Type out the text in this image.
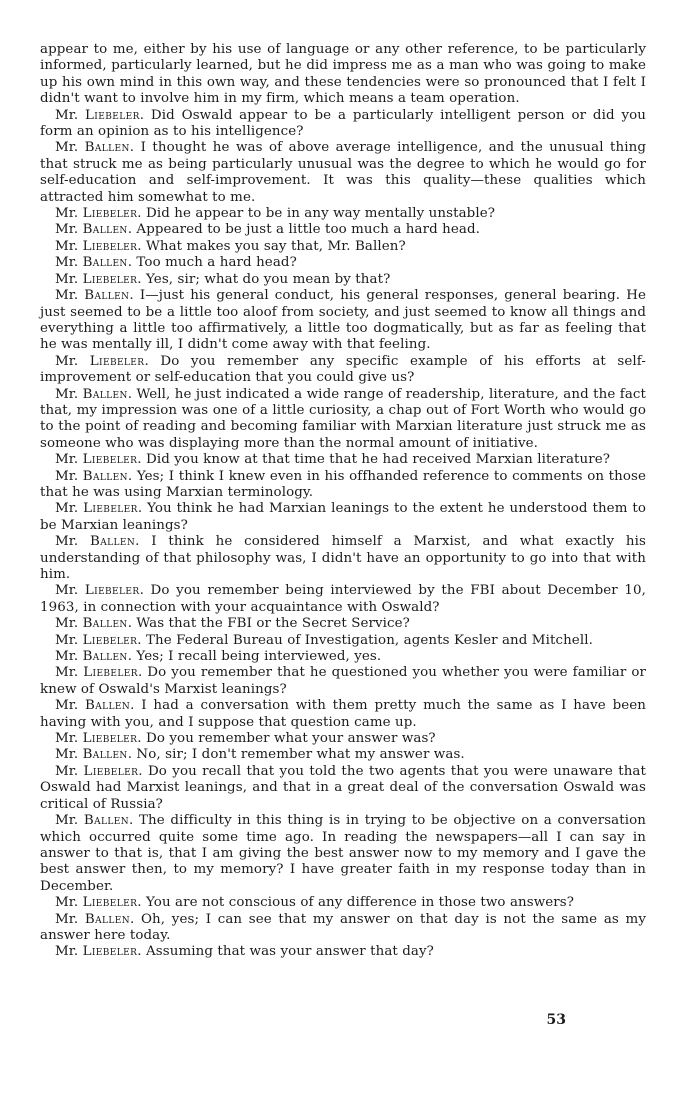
appear to me, either by his use of language or any other reference, to be particularly informed, particularly learned, but he did impress me as a man who was going to make up his own mind in this own way, and these tendencies were so pronounced that I felt I didn't want to involve him in my firm, which means a team operation.

Mr. Liebeler. Did Oswald appear to be a particularly intelligent person or did you form an opinion as to his intelligence?

Mr. Ballen. I thought he was of above average intelligence, and the unusual thing that struck me as being particularly unusual was the degree to which he would go for self-education and self-improvement. It was this quality—these qualities which attracted him somewhat to me.

Mr. Liebeler. Did he appear to be in any way mentally unstable?

Mr. Ballen. Appeared to be just a little too much a hard head.

Mr. Liebeler. What makes you say that, Mr. Ballen?

Mr. Ballen. Too much a hard head?

Mr. Liebeler. Yes, sir; what do you mean by that?

Mr. Ballen. I—just his general conduct, his general responses, general bearing. He just seemed to be a little too aloof from society, and just seemed to know all things and everything a little too affirmatively, a little too dogmatically, but as far as feeling that he was mentally ill, I didn't come away with that feeling.

Mr. Liebeler. Do you remember any specific example of his efforts at self-improvement or self-education that you could give us?

Mr. Ballen. Well, he just indicated a wide range of readership, literature, and the fact that, my impression was one of a little curiosity, a chap out of Fort Worth who would go to the point of reading and becoming familiar with Marxian literature just struck me as someone who was displaying more than the normal amount of initiative.

Mr. Liebeler. Did you know at that time that he had received Marxian literature?

Mr. Ballen. Yes; I think I knew even in his offhanded reference to comments on those that he was using Marxian terminology.

Mr. Liebeler. You think he had Marxian leanings to the extent he understood them to be Marxian leanings?

Mr. Ballen. I think he considered himself a Marxist, and what exactly his understanding of that philosophy was, I didn't have an opportunity to go into that with him.

Mr. Liebeler. Do you remember being interviewed by the FBI about December 10, 1963, in connection with your acquaintance with Oswald?

Mr. Ballen. Was that the FBI or the Secret Service?

Mr. Liebeler. The Federal Bureau of Investigation, agents Kesler and Mitchell.

Mr. Ballen. Yes; I recall being interviewed, yes.

Mr. Liebeler. Do you remember that he questioned you whether you were familiar or knew of Oswald's Marxist leanings?

Mr. Ballen. I had a conversation with them pretty much the same as I have been having with you, and I suppose that question came up.

Mr. Liebeler. Do you remember what your answer was?

Mr. Ballen. No, sir; I don't remember what my answer was.

Mr. Liebeler. Do you recall that you told the two agents that you were unaware that Oswald had Marxist leanings, and that in a great deal of the conversation Oswald was critical of Russia?

Mr. Ballen. The difficulty in this thing is in trying to be objective on a conversation which occurred quite some time ago. In reading the newspapers—all I can say in answer to that is, that I am giving the best answer now to my memory and I gave the best answer then, to my memory? I have greater faith in my response today than in December.

Mr. Liebeler. You are not conscious of any difference in those two answers?

Mr. Ballen. Oh, yes; I can see that my answer on that day is not the same as my answer here today.

Mr. Liebeler. Assuming that was your answer that day?

53
